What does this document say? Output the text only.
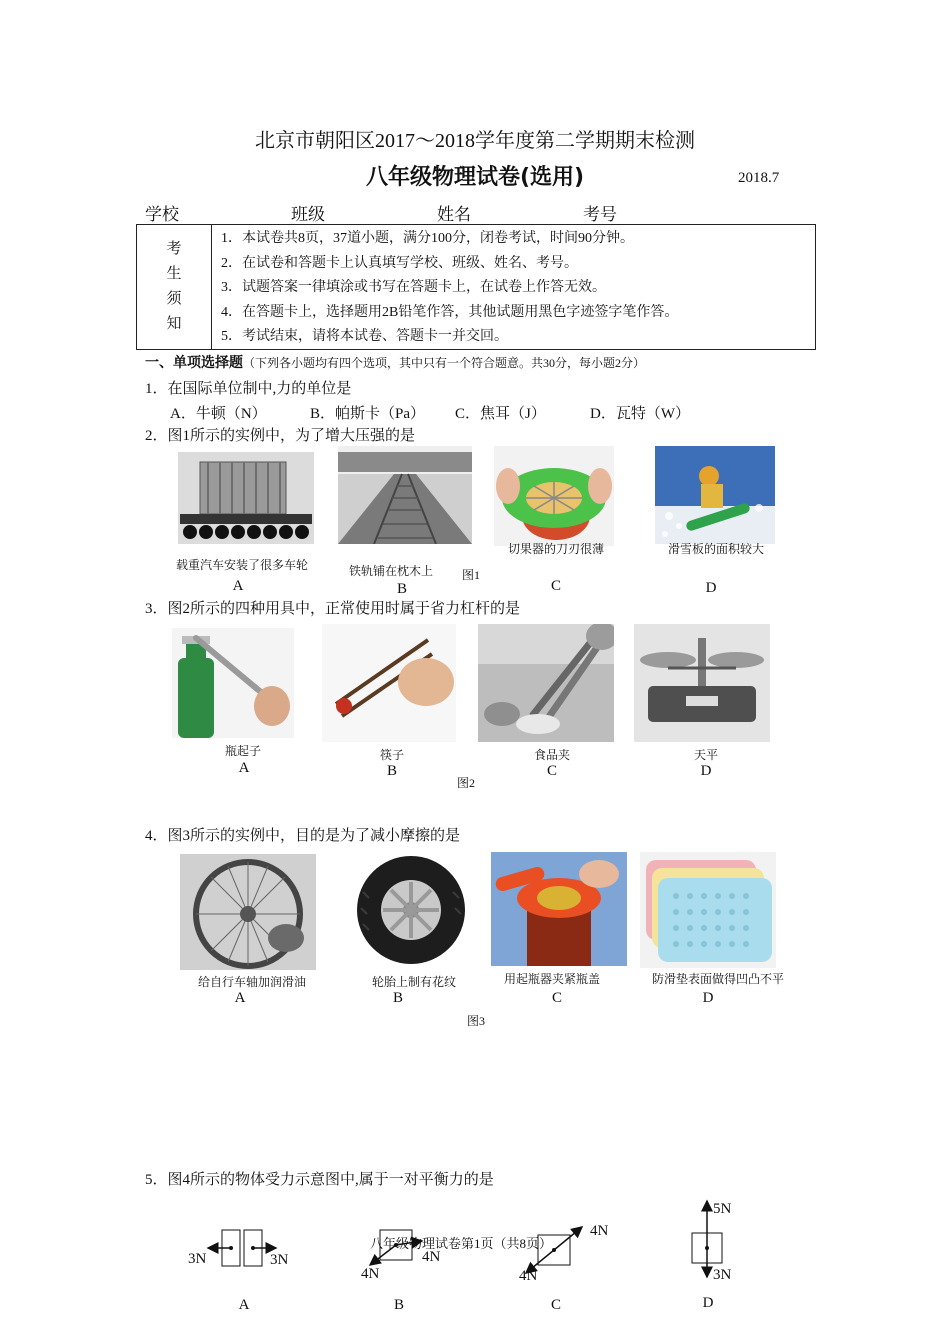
北京市朝阳区2017～2018学年度第二学期期末检测
八年级物理试卷(选用)	2018.7
学校	班级	姓名	考号
考
生
须
知
1．本试卷共8页，37道小题，满分100分，闭卷考试，时间90分钟。
2．在试卷和答题卡上认真填写学校、班级、姓名、考号。
3．试题答案一律填涂或书写在答题卡上，在试卷上作答无效。
4．在答题卡上，选择题用2B铅笔作答，其他试题用黑色字迹签字笔作答。
5．考试结束，请将本试卷、答题卡一并交回。
一、单项选择题（下列各小题均有四个选项，其中只有一个符合题意。共30分，每小题2分）
1．在国际单位制中,力的单位是
A．牛顿（N）	B．帕斯卡（Pa） C．焦耳（J）	D．瓦特（W）
2．图1所示的实例中，为了增大压强的是
载重汽车安装了很多车轮	铁轨铺在枕木上
切果器的刀刃很薄	滑雪板的面积较大
图1
A	B	C	D
3．图2所示的四种用具中，正常使用时属于省力杠杆的是
瓶起子	筷子	食品夹	天平
A	B	C	D
图2
4．图3所示的实例中，目的是为了减小摩擦的是
给自行车轴加润滑油	轮胎上制有花纹	用起瓶器夹紧瓶盖	防滑垫表面做得凹凸不平
A	B	C	D
图3
5．图4所示的物体受力示意图中,属于一对平衡力的是
3N	3N
4N
4N
4N
4N
5N
3N
A	B	C	D
八年级物理试卷第1页（共8页）
